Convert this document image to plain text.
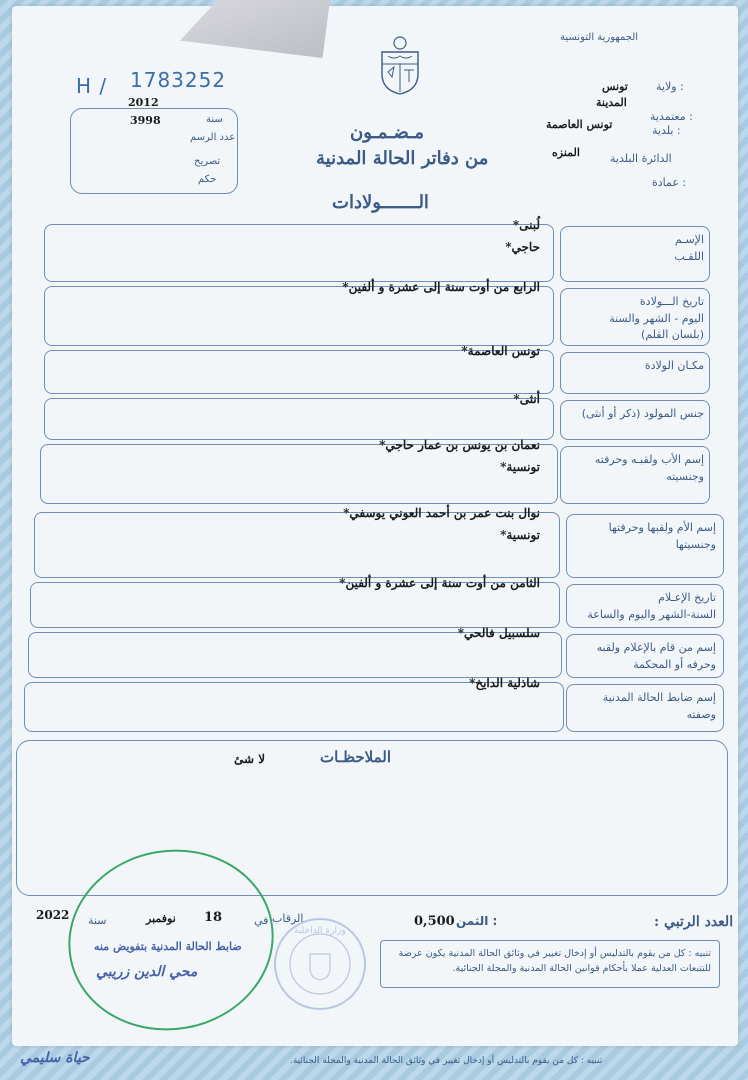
الجمهورية التونسية
H / 1783252
2012
3998	سنة
عدد الرسم
تصريح
حكم
ولاية :
تونس
المدينة
معتمدية :
بلدية :
تونس العاصمة
الدائرة البلدية
المنزه
عمادة :
مـضـمـون
من دفاتر الحالة المدنية
الـــــــولادات
الإسـم
اللقـب
لُبنى*
حاجي*
تاريخ الـــولادة
اليوم - الشهر والسنة
(بلسان القلم)
الرابع من أوت سنة إلى عشرة و ألفين*
مكـان الولادة
تونس العاصمة*
جنس المولود (ذكر أو أنثى)
أنثى*
إسم الأب ولقبـه وحرفته
وجنسيته
نعمان بن يونس بن عمار حاجي*
تونسية*
إسم الأم ولقبها وحرفتها
وجنسيتها
نوال بنت عمر بن أحمد العوني يوسفي*
تونسية*
تاريخ الإعـلام
السنة-الشهر واليوم والساعة
الثامن من أوت سنة إلى عشرة و ألفين*
إسم من قام بالإعلام ولقبه
وحرفه أو المحكمة
سلسبيل فالحي*
إسم ضابط الحالة المدنية
وصفته
شاذلية الدايخ*
الملاحظـات
لا شئ
العدد الرتبي :
الثمن :
0,500
الرقاب
في
18
نوفمبر
سنة
2022
وزارة الداخلية
ضابط الحالة المدنية بتفويض منه
محي الدين زريبي
تنبيه : كل من يقوم بالتدليس أو إدخال تغيير في وثائق الحالة المدنية يكون عرضة للتتبعات العدلية عملا بأحكام قوانين الحالة المدنية والمجلة الجنائية.
حياة سليمي	تنبيه : كل من يقوم بالتدليس أو إدخال تغيير في وثائق الحالة المدنية والمجلة الجنائية.
